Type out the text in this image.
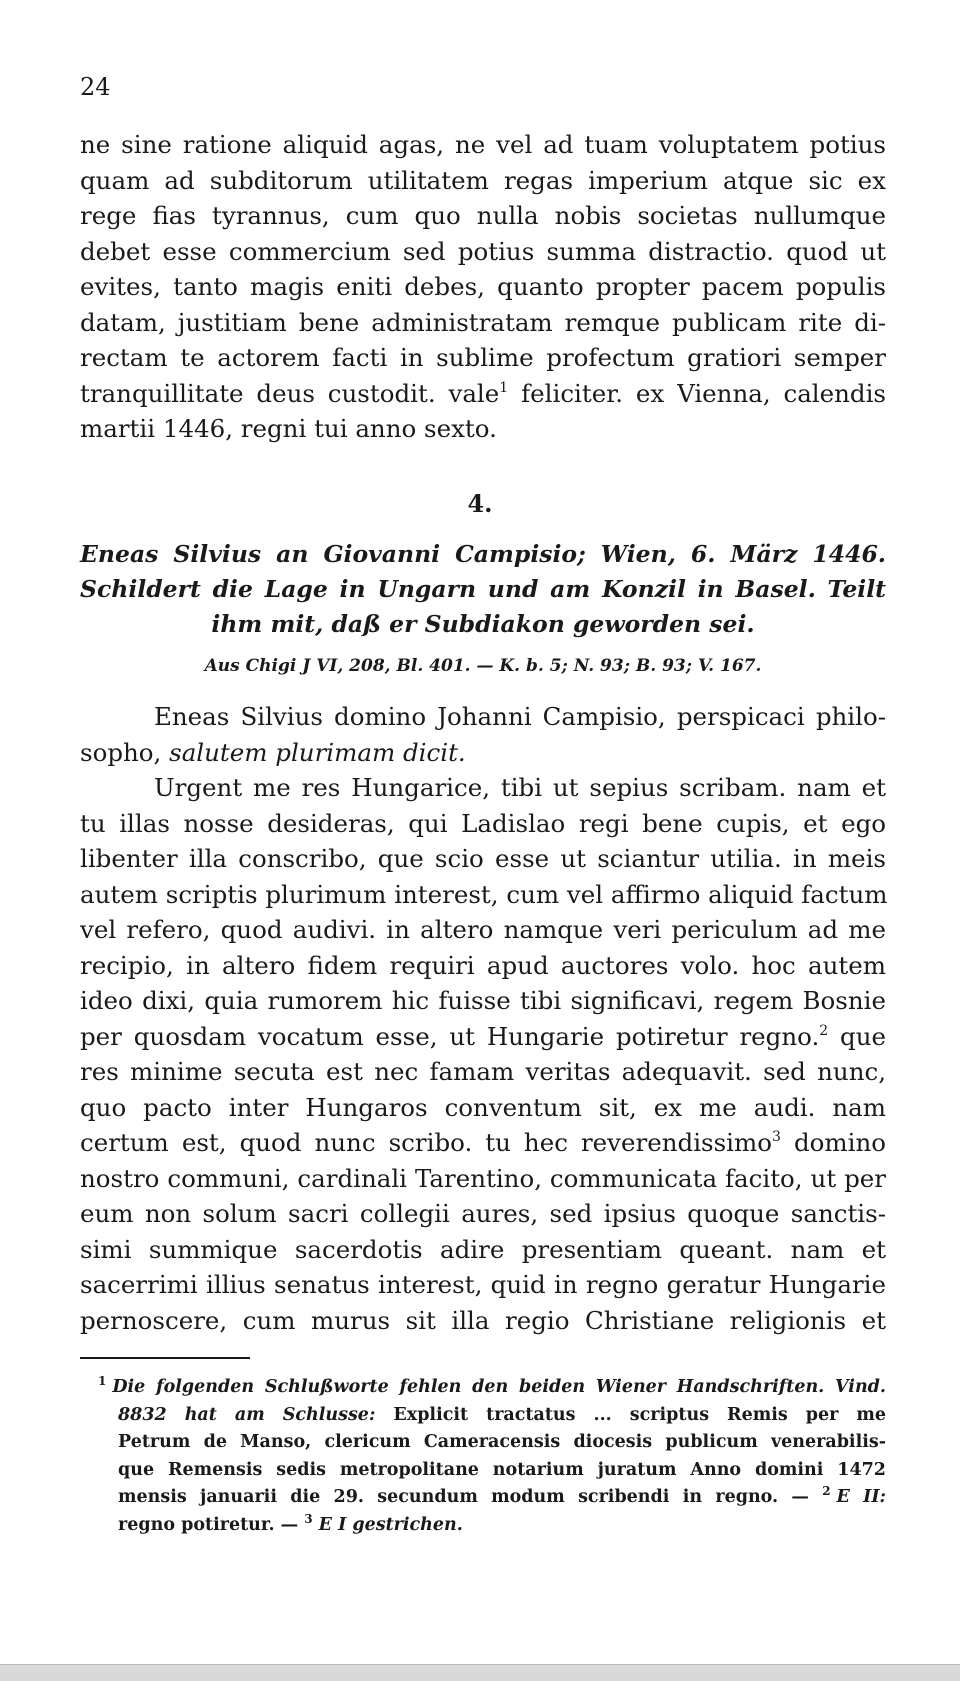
24
ne sine ratione aliquid agas, ne vel ad tuam voluptatem potius
quam ad subditorum utilitatem regas imperium atque sic ex
rege fias tyrannus, cum quo nulla nobis societas nullumque
debet esse commercium sed potius summa distractio. quod ut
evites, tanto magis eniti debes, quanto propter pacem populis
datam, justitiam bene administratam remque publicam rite di-
rectam te actorem facti in sublime profectum gratiori semper
tranquillitate deus custodit. vale$^1$ feliciter. ex Vienna, calendis
martii 1446, regni tui anno sexto.
4.
Eneas Silvius an Giovanni Campisio; Wien, 6. März 1446.
Schildert die Lage in Ungarn und am Konzil in Basel. Teilt
ihm mit, daß er Subdiakon geworden sei.
Aus Chigi J VI, 208, Bl. 401. — K. b. 5; N. 93; B. 93; V. 167.
Eneas Silvius domino Johanni Campisio, perspicaci philo-
sopho, salutem plurimam dicit.
Urgent me res Hungarice, tibi ut sepius scribam. nam et
tu illas nosse desideras, qui Ladislao regi bene cupis, et ego
libenter illa conscribo, que scio esse ut sciantur utilia. in meis
autem scriptis plurimum interest, cum vel affirmo aliquid factum
vel refero, quod audivi. in altero namque veri periculum ad me
recipio, in altero fidem requiri apud auctores volo. hoc autem
ideo dixi, quia rumorem hic fuisse tibi significavi, regem Bosnie
per quosdam vocatum esse, ut Hungarie potiretur regno.$^2$ que
res minime secuta est nec famam veritas adequavit. sed nunc,
quo pacto inter Hungaros conventum sit, ex me audi. nam
certum est, quod nunc scribo. tu hec reverendissimo$^3$ domino
nostro communi, cardinali Tarentino, communicata facito, ut per
eum non solum sacri collegii aures, sed ipsius quoque sanctis-
simi summique sacerdotis adire presentiam queant. nam et
sacerrimi illius senatus interest, quid in regno geratur Hungarie
pernoscere, cum murus sit illa regio Christiane religionis et
$^1$ Die folgenden Schlußworte fehlen den beiden Wiener Handschriften. Vind.
8832 hat am Schlusse: Explicit tractatus ... scriptus Remis per me
Petrum de Manso, clericum Cameracensis diocesis publicum venerabilis-
que Remensis sedis metropolitane notarium juratum Anno domini 1472
mensis januarii die 29. secundum modum scribendi in regno. — $^2$ E II:
regno potiretur. — $^3$ E I gestrichen.
